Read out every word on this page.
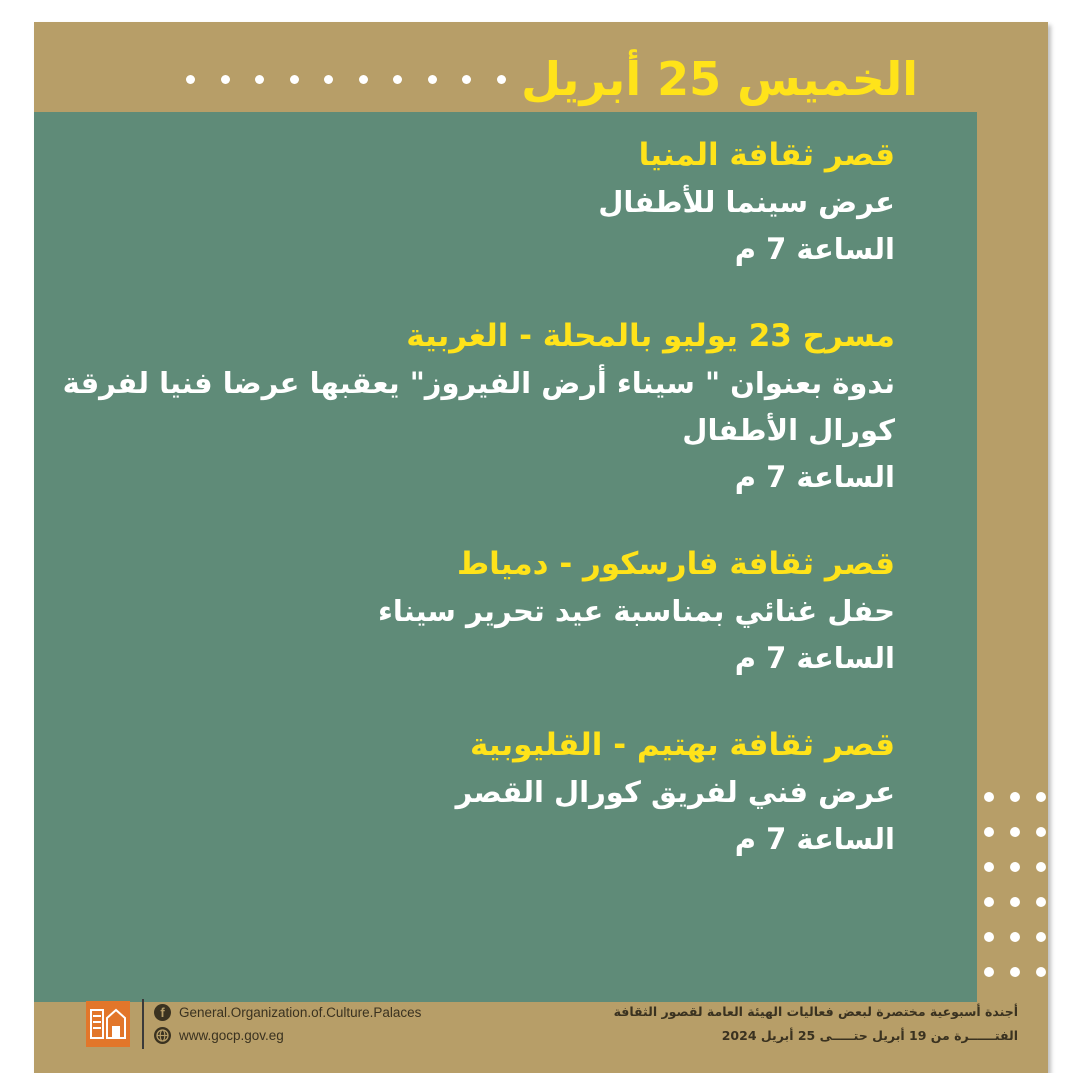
الخميس 25 أبريل
قصر ثقافة المنيا
عرض سينما للأطفال
الساعة 7 م
مسرح 23 يوليو بالمحلة - الغربية
ندوة بعنوان " سيناء أرض الفيروز" يعقبها عرضا فنيا لفرقة
كورال الأطفال
الساعة 7 م
قصر ثقافة فارسكور - دمياط
حفل غنائي بمناسبة عيد تحرير سيناء
الساعة 7 م
قصر ثقافة بهتيم - القليوبية
عرض فني لفريق كورال القصر
الساعة 7 م
f	General.Organization.of.Culture.Palaces
www.gocp.gov.eg
أجندة أسبوعية مختصرة لبعض فعاليات الهيئة العامة لقصور الثقافة
الفتــــــرة من 19 أبريل حتـــــى 25 أبريل 2024
